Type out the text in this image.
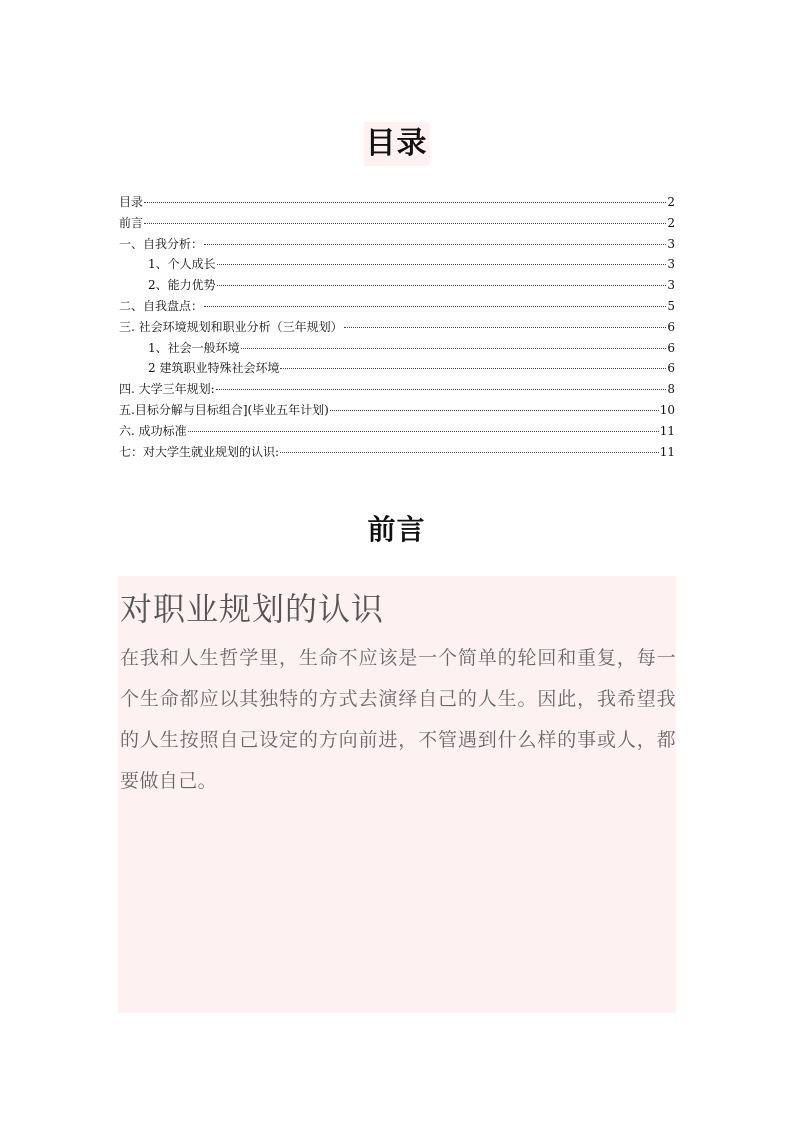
目录
目录	2
前言	2
一、自我分析：	3
1、个人成长	3
2、能力优势	3
二、自我盘点：	5
三. 社会环境规划和职业分析（三年规划）	6
1、社会一般环境	6
2 建筑职业特殊社会环境	6
四. 大学三年规划:	8
五.目标分解与目标组合](毕业五年计划)	10
六. 成功标准	11
七：对大学生就业规划的认识:	11
前言
对职业规划的认识
在我和人生哲学里，生命不应该是一个简单的轮回和重复，每一个生命都应以其独特的方式去演绎自己的人生。因此，我希望我的人生按照自己设定的方向前进，不管遇到什么样的事或人，都要做自己。
